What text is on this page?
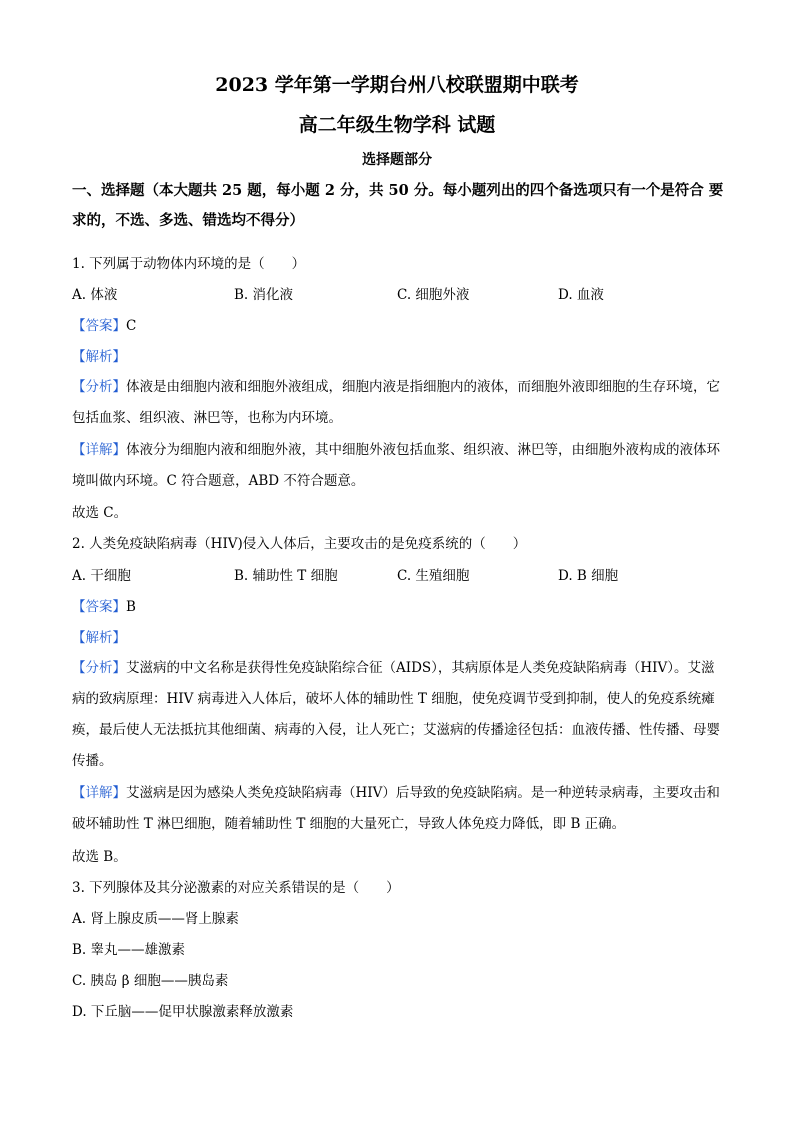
2023 学年第一学期台州八校联盟期中联考
高二年级生物学科 试题
选择题部分
一、选择题（本大题共 25 题，每小题 2 分，共 50 分。每小题列出的四个备选项只有一个是符合 要求的，不选、多选、错选均不得分）
1. 下列属于动物体内环境的是（　　）
A. 体液	B. 消化液	C. 细胞外液	D. 血液
【答案】C
【解析】
【分析】体液是由细胞内液和细胞外液组成，细胞内液是指细胞内的液体，而细胞外液即细胞的生存环境，它包括血浆、组织液、淋巴等，也称为内环境。
【详解】体液分为细胞内液和细胞外液，其中细胞外液包括血浆、组织液、淋巴等，由细胞外液构成的液体环境叫做内环境。C 符合题意，ABD 不符合题意。
故选 C。
2. 人类免疫缺陷病毒（HIV)侵入人体后，主要攻击的是免疫系统的（　　）
A. 干细胞	B. 辅助性 T 细胞	C. 生殖细胞	D. B 细胞
【答案】B
【解析】
【分析】艾滋病的中文名称是获得性免疫缺陷综合征（AIDS），其病原体是人类免疫缺陷病毒（HIV）。艾滋病的致病原理：HIV 病毒进入人体后，破坏人体的辅助性 T 细胞，使免疫调节受到抑制，使人的免疫系统瘫痪，最后使人无法抵抗其他细菌、病毒的入侵，让人死亡；艾滋病的传播途径包括：血液传播、性传播、母婴传播。
【详解】艾滋病是因为感染人类免疫缺陷病毒（HIV）后导致的免疫缺陷病。是一种逆转录病毒，主要攻击和破坏辅助性 T 淋巴细胞，随着辅助性 T 细胞的大量死亡，导致人体免疫力降低，即 B 正确。
故选 B。
3. 下列腺体及其分泌激素的对应关系错误的是（　　）
A. 肾上腺皮质——肾上腺素
B. 睾丸——雄激素
C. 胰岛 β 细胞——胰岛素
D. 下丘脑——促甲状腺激素释放激素
